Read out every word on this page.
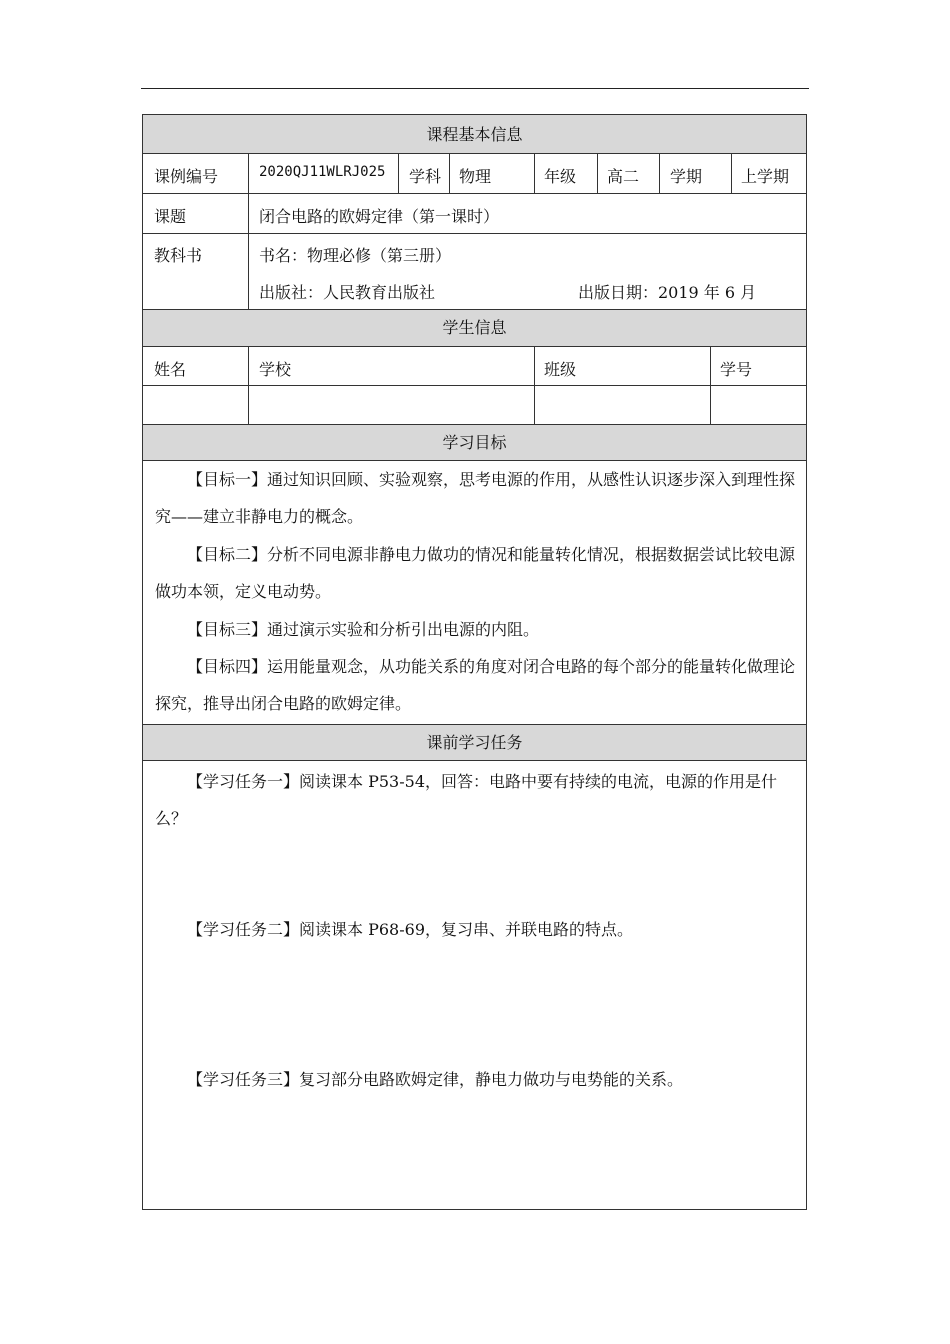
课程基本信息
课例编号	2020QJ11WLRJ025 学科 物理	年级 高二 学期 上学期
课题	闭合电路的欧姆定律（第一课时）
教科书	书名：物理必修（第三册）
出版社：人民教育出版社	出版日期：2019 年 6 月
学生信息
姓名	学校	班级	学号
学习目标
【目标一】通过知识回顾、实验观察，思考电源的作用，从感性认识逐步深入到理性探究——建立非静电力的概念。
【目标二】分析不同电源非静电力做功的情况和能量转化情况，根据数据尝试比较电源做功本领，定义电动势。
【目标三】通过演示实验和分析引出电源的内阻。
【目标四】运用能量观念，从功能关系的角度对闭合电路的每个部分的能量转化做理论探究，推导出闭合电路的欧姆定律。
课前学习任务
【学习任务一】阅读课本 P53-54，回答：电路中要有持续的电流，电源的作用是什么？
【学习任务二】阅读课本 P68-69，复习串、并联电路的特点。
【学习任务三】复习部分电路欧姆定律，静电力做功与电势能的关系。
